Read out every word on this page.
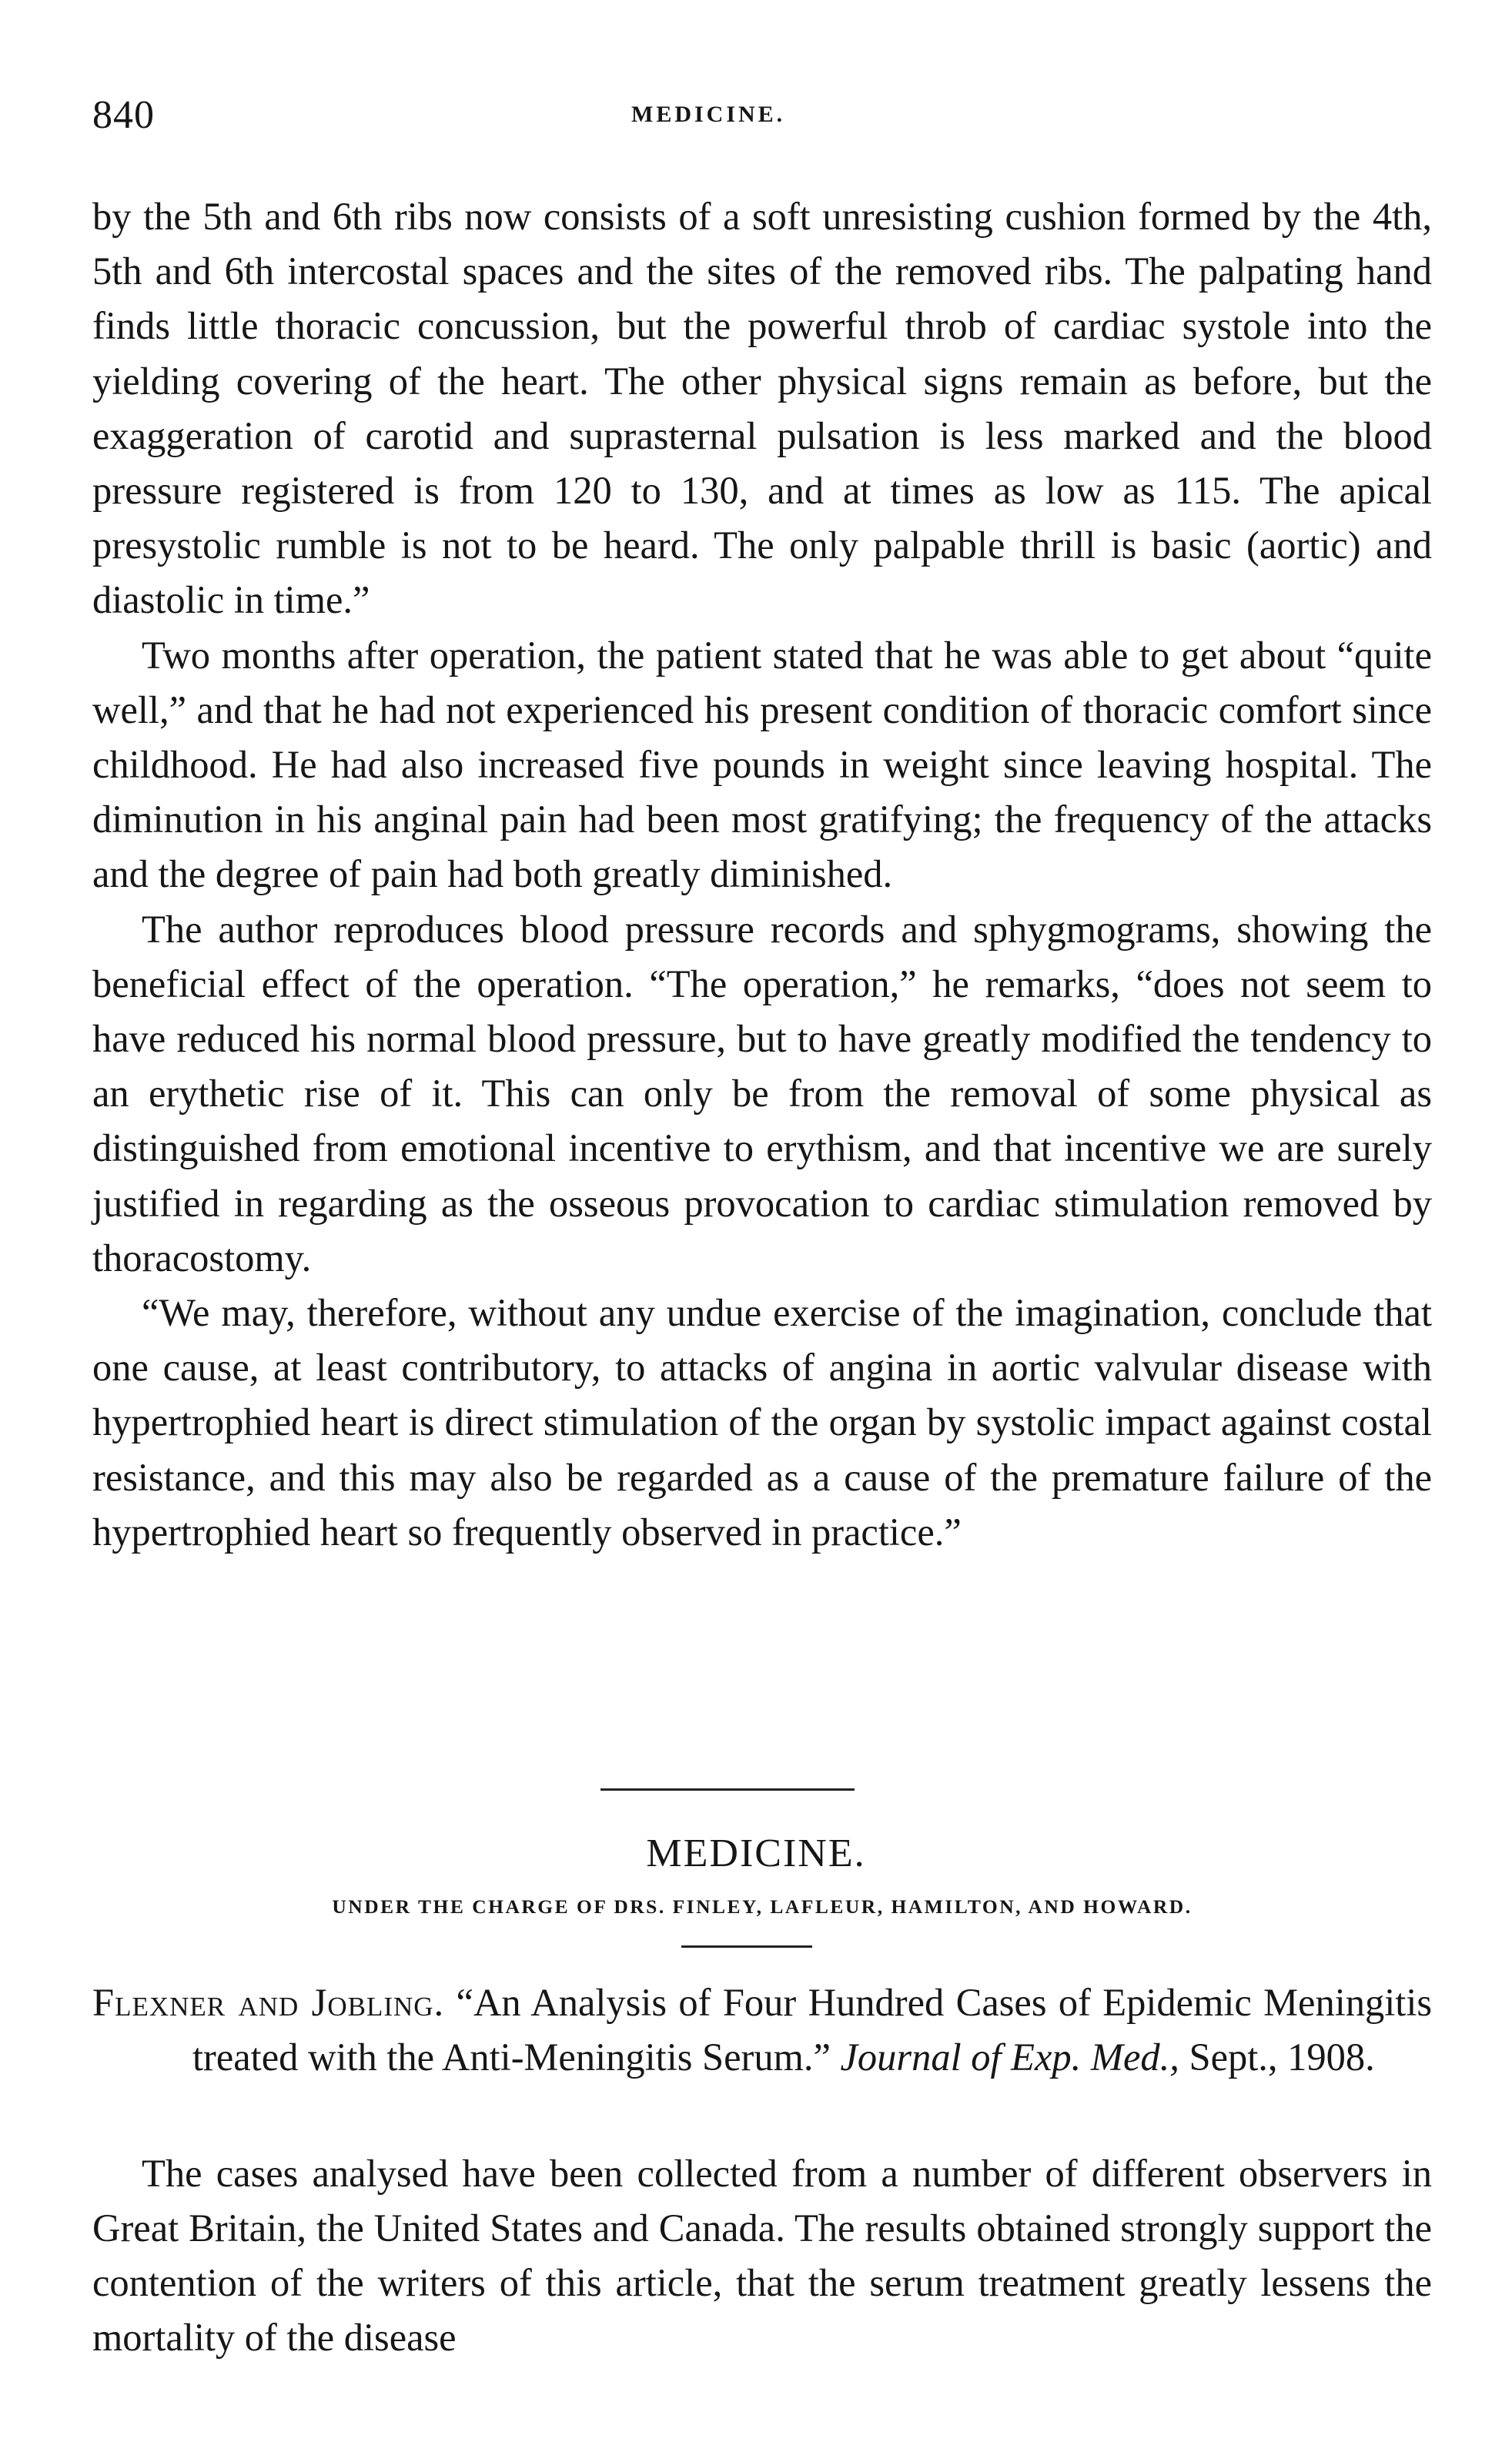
840	MEDICINE.

by the 5th and 6th ribs now consists of a soft unresisting cushion formed by the 4th, 5th and 6th intercostal spaces and the sites of the removed ribs. The palpating hand finds little thoracic concussion, but the powerful throb of cardiac systole into the yielding covering of the heart. The other physical signs remain as before, but the exaggeration of carotid and suprasternal pulsation is less marked and the blood pressure registered is from 120 to 130, and at times as low as 115. The apical presystolic rumble is not to be heard. The only palpable thrill is basic (aortic) and diastolic in time.”

Two months after operation, the patient stated that he was able to get about “quite well,” and that he had not experienced his present condition of thoracic comfort since childhood. He had also increased five pounds in weight since leaving hospital. The diminution in his anginal pain had been most gratifying; the frequency of the attacks and the degree of pain had both greatly diminished.

The author reproduces blood pressure records and sphygmograms, showing the beneficial effect of the operation. “The operation,” he remarks, “does not seem to have reduced his normal blood pressure, but to have greatly modified the tendency to an erythetic rise of it. This can only be from the removal of some physical as distinguished from emotional incentive to erythism, and that incentive we are surely justified in regarding as the osseous provocation to cardiac stimulation removed by thoracostomy.

“We may, therefore, without any undue exercise of the imagination, conclude that one cause, at least contributory, to attacks of angina in aortic valvular disease with hypertrophied heart is direct stimulation of the organ by systolic impact against costal resistance, and this may also be regarded as a cause of the premature failure of the hypertrophied heart so frequently observed in practice.”

MEDICINE.
UNDER THE CHARGE OF DRS. FINLEY, LAFLEUR, HAMILTON, AND HOWARD.

Flexner and Jobling. “An Analysis of Four Hundred Cases of Epidemic Meningitis treated with the Anti-Meningitis Serum.” Journal of Exp. Med., Sept., 1908.

The cases analysed have been collected from a number of different observers in Great Britain, the United States and Canada. The results obtained strongly support the contention of the writers of this article, that the serum treatment greatly lessens the mortality of the disease
